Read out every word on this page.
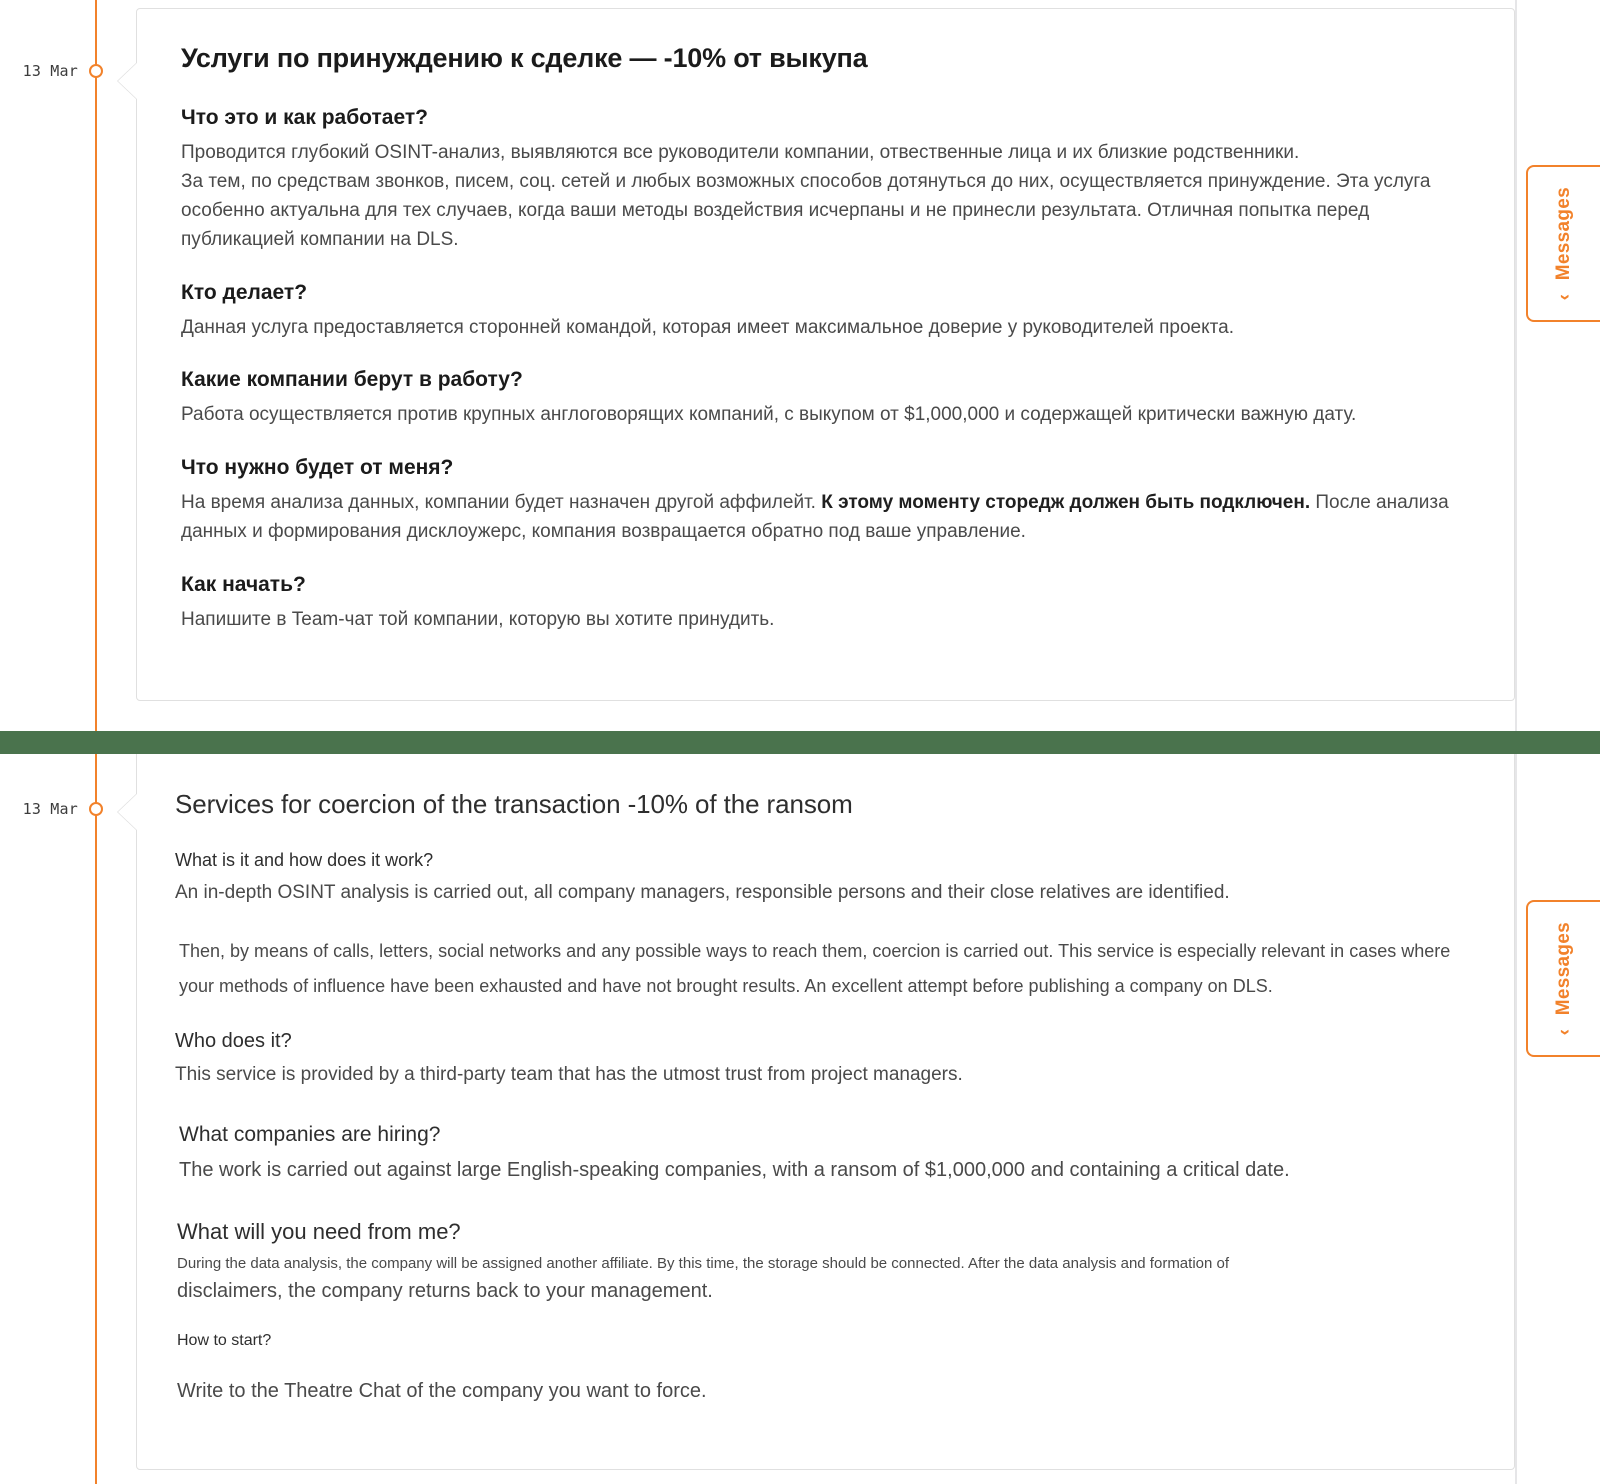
13 Mar	Услуги по принуждению к сделке — -10% от выкупа
Что это и как работает?

Проводится глубокий OSINT-анализ, выявляются все руководители компании, отвественные лица и их близкие родственники.

За тем, по средствам звонков, писем, соц. сетей и любых возможных способов дотянуться до них, осуществляется принуждение. Эта услуга особенно актуальна для тех случаев, когда ваши методы воздействия исчерпаны и не принесли результата. Отличная попытка перед публикацией компании на DLS.

Кто делает?

Данная услуга предоставляется сторонней командой, которая имеет максимальное доверие у руководителей проекта.

Какие компании берут в работу?

Работа осуществляется против крупных англоговорящих компаний, с выкупом от $1,000,000 и содержащей критически важную дату.

Что нужно будет от меня?

На время анализа данных, компании будет назначен другой аффилейт. К этому моменту сторедж должен быть подключен. После анализа данных и формирования дисклоужерс, компания возвращается обратно под ваше управление.

Как начать?

Напишите в Team-чат той компании, которую вы хотите принудить.

Messages
‹
13 Mar	Services for coercion of the transaction -10% of the ransom
What is it and how does it work?

An in-depth OSINT analysis is carried out, all company managers, responsible persons and their close relatives are identified.

Then, by means of calls, letters, social networks and any possible ways to reach them, coercion is carried out. This service is especially relevant in cases where your methods of influence have been exhausted and have not brought results. An excellent attempt before publishing a company on DLS.

Who does it?

This service is provided by a third-party team that has the utmost trust from project managers.

What companies are hiring?

The work is carried out against large English-speaking companies, with a ransom of $1,000,000 and containing a critical date.

What will you need from me?

During the data analysis, the company will be assigned another affiliate. By this time, the storage should be connected. After the data analysis and formation of

disclaimers, the company returns back to your management.

How to start?

Write to the Theatre Chat of the company you want to force.

Messages
‹
